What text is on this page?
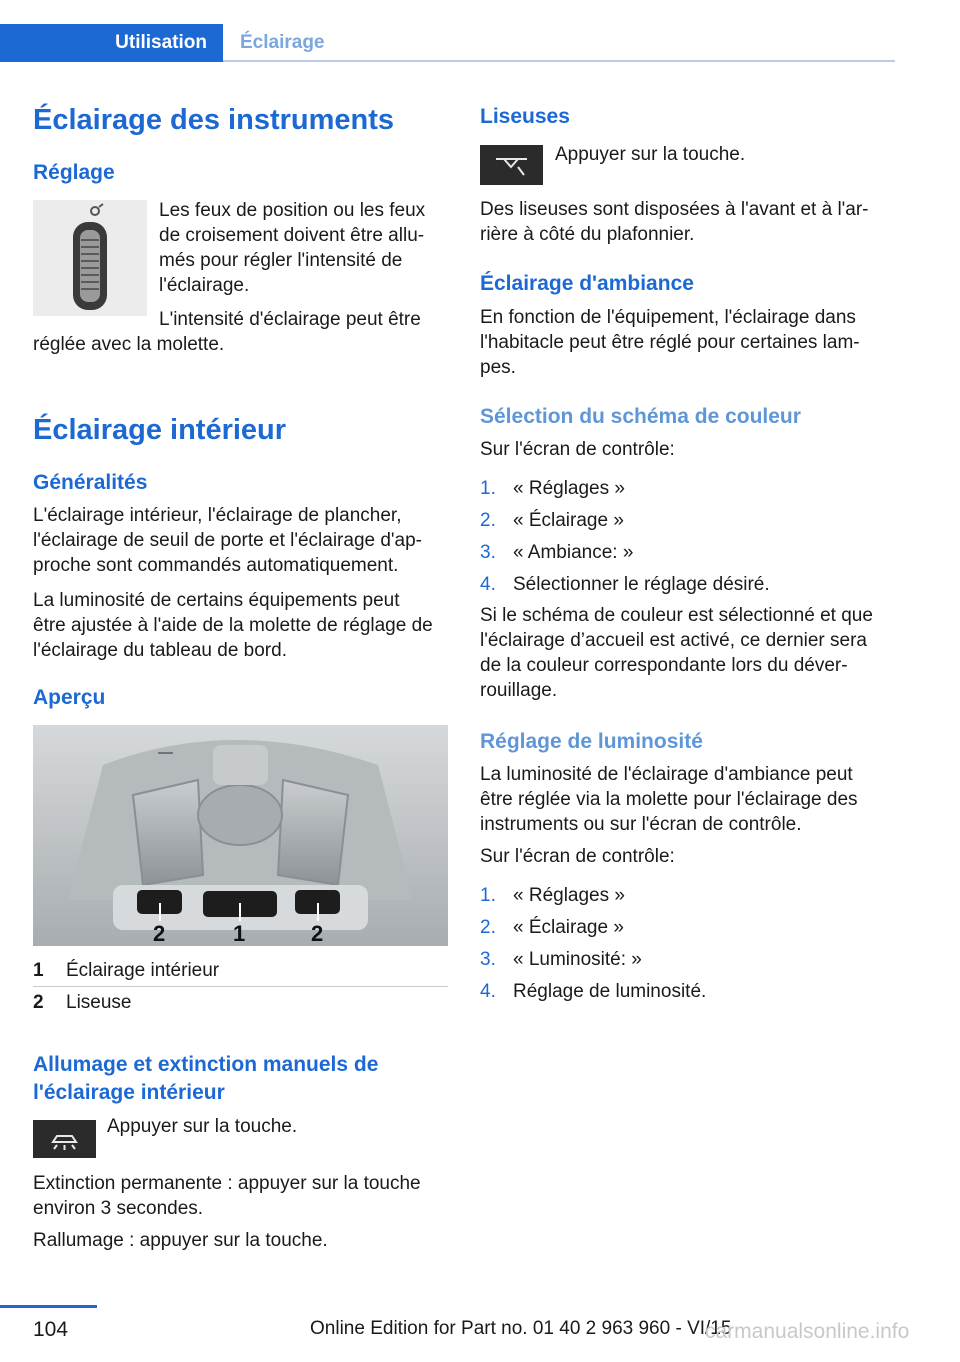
Utilisation	Éclairage
Éclairage des instruments
Réglage

Les feux de position ou les feux

de croisement doivent être allu-

més pour régler l'intensité de

l'éclairage.

L'intensité d'éclairage peut être

réglée avec la molette.

Éclairage intérieur
Généralités

L'éclairage intérieur, l'éclairage de plancher,

l'éclairage de seuil de porte et l'éclairage d'ap-

proche sont commandés automatiquement.

La luminosité de certains équipements peut

être ajustée à l'aide de la molette de réglage de

l'éclairage du tableau de bord.

Aperçu
2	1	2
1	Éclairage intérieur
2	Liseuse
Allumage et extinction manuels de
l'éclairage intérieur

Appuyer sur la touche.

Extinction permanente : appuyer sur la touche

environ 3 secondes.

Rallumage : appuyer sur la touche.

Liseuses

Appuyer sur la touche.

Des liseuses sont disposées à l'avant et à l'ar-

rière à côté du plafonnier.

Éclairage d'ambiance

En fonction de l'équipement, l'éclairage dans

l'habitacle peut être réglé pour certaines lam-

pes.

Sélection du schéma de couleur

Sur l'écran de contrôle:

1. « Réglages »
2. « Éclairage »
3. « Ambiance: »
4. Sélectionner le réglage désiré.

Si le schéma de couleur est sélectionné et que

l'éclairage d’accueil est activé, ce dernier sera

de la couleur correspondante lors du déver-

rouillage.

Réglage de luminosité

La luminosité de l'éclairage d'ambiance peut

être réglée via la molette pour l'éclairage des

instruments ou sur l'écran de contrôle.

Sur l'écran de contrôle:

1. « Réglages »
2. « Éclairage »
3. « Luminosité: »
4. Réglage de luminosité.
104	Online Edition for Part no. 01 40 2 963 960 - VI/15
carmanualsonline.info
